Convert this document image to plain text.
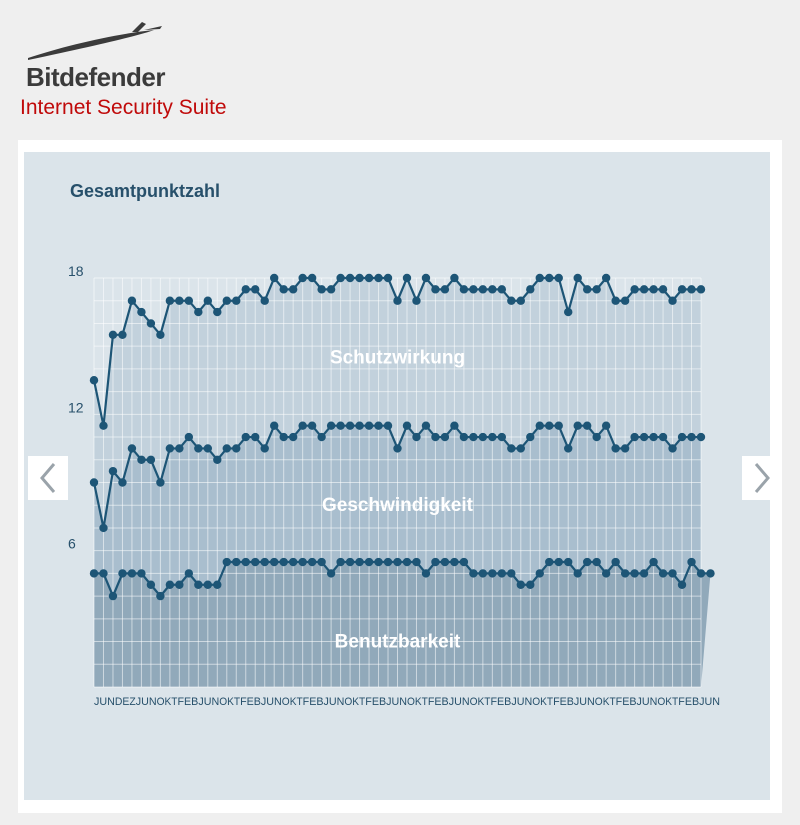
Bitdefender
Internet Security Suite
Gesamtpunktzahl
Schutzwirkung
Geschwindigkeit
Benutzbarkeit
18
12
6
JUN DEZ JUN OKT FEB JUN OKT FEB JUN OKT FEB JUN OKT FEB JUN OKT FEB JUN OKT FEB JUN OKT FEB JUN OKT FEB JUN OKT FEB JUN
